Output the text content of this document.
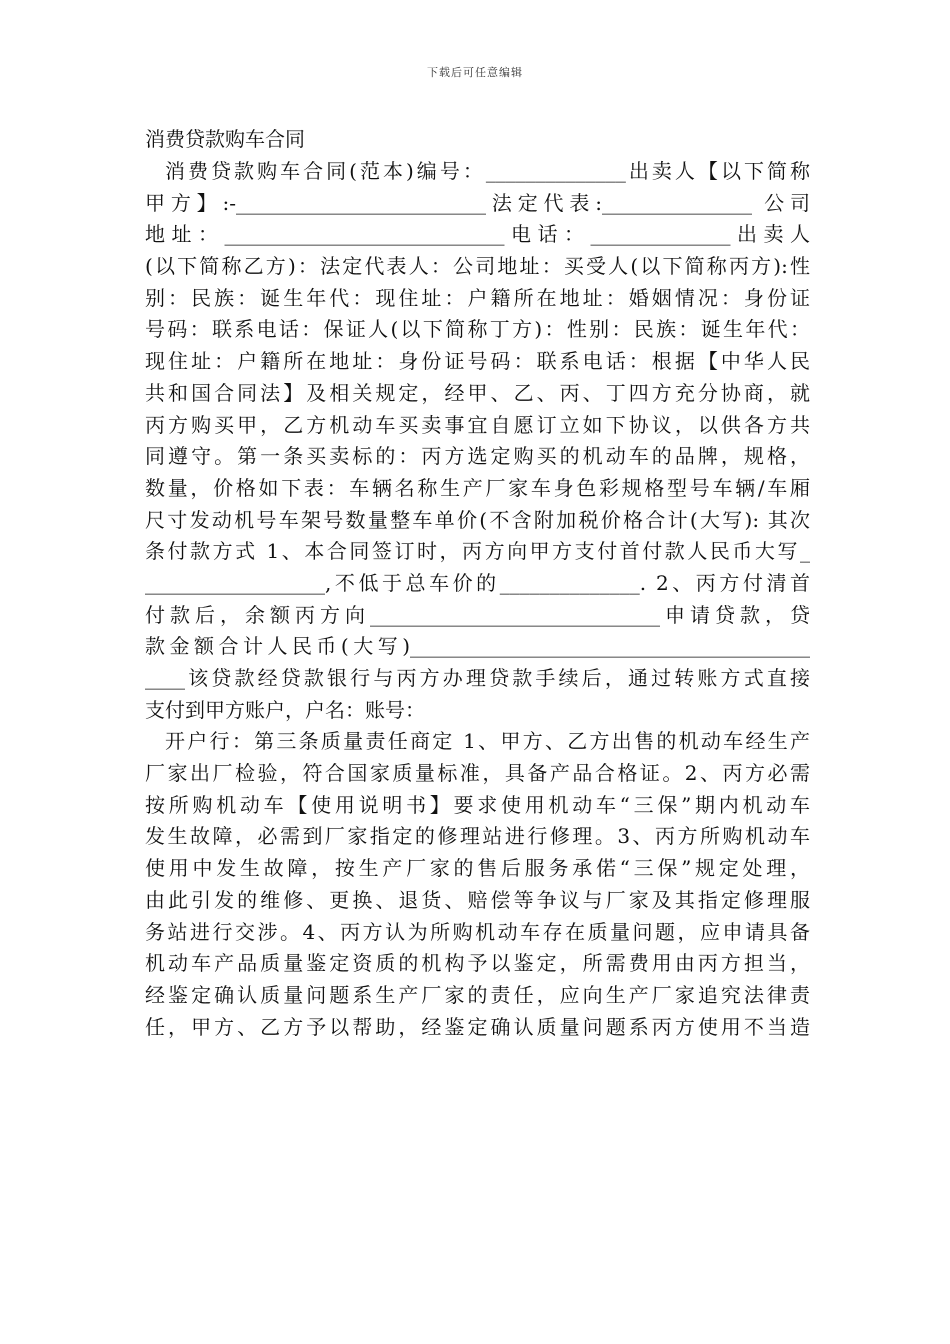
下载后可任意编辑
消费贷款购车合同
消费贷款购车合同(范本)编号：______________出卖人【以下简称
甲方】:-_________________________法定代表:_______________ 公司
地址：____________________________电话：______________出卖人
(以下简称乙方)：法定代表人：公司地址：买受人(以下简称丙方):性
别：民族：诞生年代：现住址：户籍所在地址：婚姻情况：身份证
号码：联系电话：保证人(以下简称丁方)：性别：民族：诞生年代：
现住址：户籍所在地址：身份证号码：联系电话：根据【中华人民
共和国合同法】及相关规定，经甲、乙、丙、丁四方充分协商，就
丙方购买甲，乙方机动车买卖事宜自愿订立如下协议，以供各方共
同遵守。第一条买卖标的：丙方选定购买的机动车的品牌，规格，
数量，价格如下表：车辆名称生产厂家车身色彩规格型号车辆/车厢
尺寸发动机号车架号数量整车单价(不含附加税价格合计(大写): 其次
条付款方式 1、本合同签订时，丙方向甲方支付首付款人民币大写_
__________________,不低于总车价的______________. 2、丙方付清首
付款后，余额丙方向_____________________________申请贷款，贷
款金额合计人民币(大写)________________________________________
____该贷款经贷款银行与丙方办理贷款手续后，通过转账方式直接
支付到甲方账户，户名：账号：
开户行：第三条质量责任商定 1、甲方、乙方出售的机动车经生产
厂家出厂检验，符合国家质量标准，具备产品合格证。2、丙方必需
按所购机动车【使用说明书】要求使用机动车“三保”期内机动车
发生故障，必需到厂家指定的修理站进行修理。3、丙方所购机动车
使用中发生故障，按生产厂家的售后服务承偌“三保”规定处理，
由此引发的维修、更换、退货、赔偿等争议与厂家及其指定修理服
务站进行交涉。4、丙方认为所购机动车存在质量问题，应申请具备
机动车产品质量鉴定资质的机构予以鉴定，所需费用由丙方担当，
经鉴定确认质量问题系生产厂家的责任，应向生产厂家追究法律责
任，甲方、乙方予以帮助，经鉴定确认质量问题系丙方使用不当造
